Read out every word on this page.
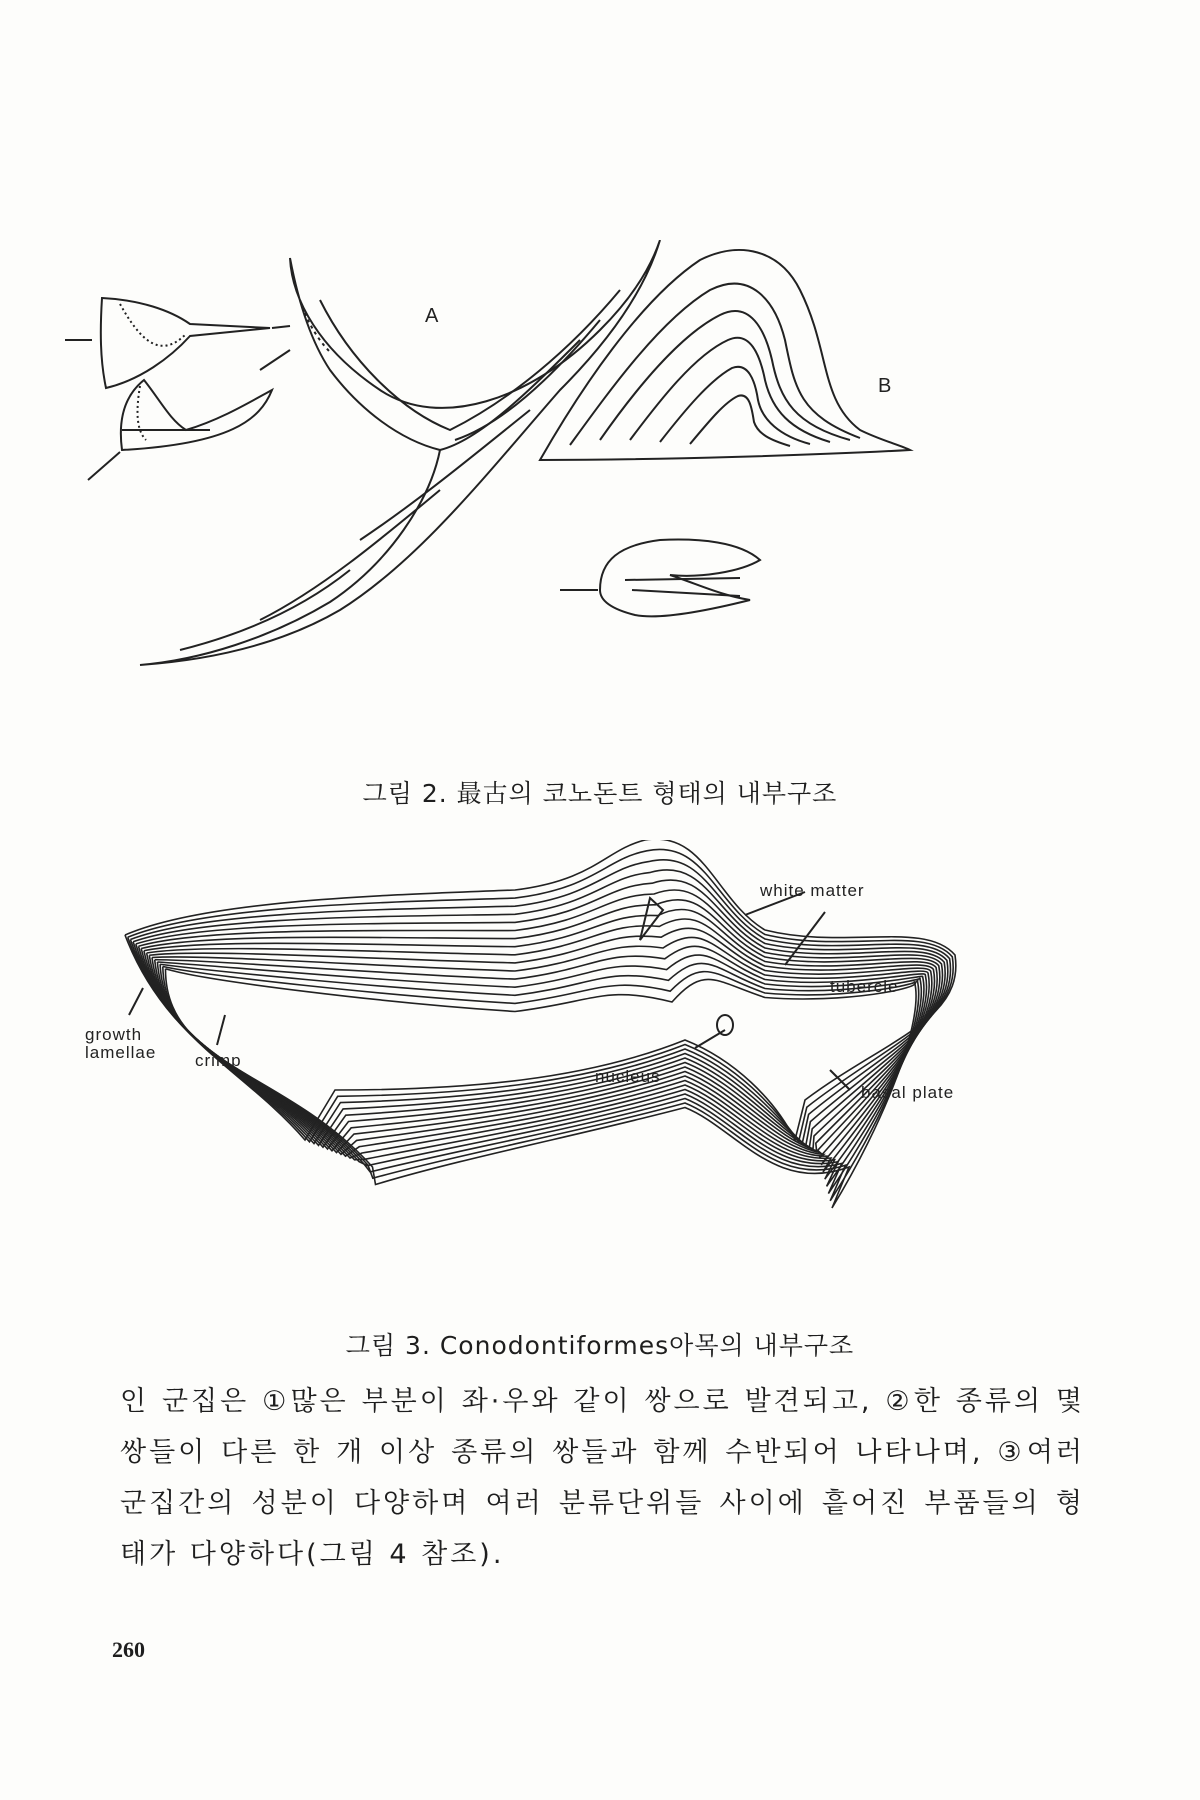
A
B
그림 2. 最古의 코노돈트 형태의 내부구조
white matter
tubercle
nucleus
growth
lamellae crimp
basal plate
그림 3. Conodontiformes아목의 내부구조
인 군집은 ①많은 부분이 좌·우와 같이 쌍으로 발견되고, ②한 종류의 몇 쌍들이 다른 한 개 이상 종류의 쌍들과 함께 수반되어 나타나며, ③여러 군집간의 성분이 다양하며 여러 분류단위들 사이에 흩어진 부품들의 형태가 다양하다(그림 4 참조).
260
